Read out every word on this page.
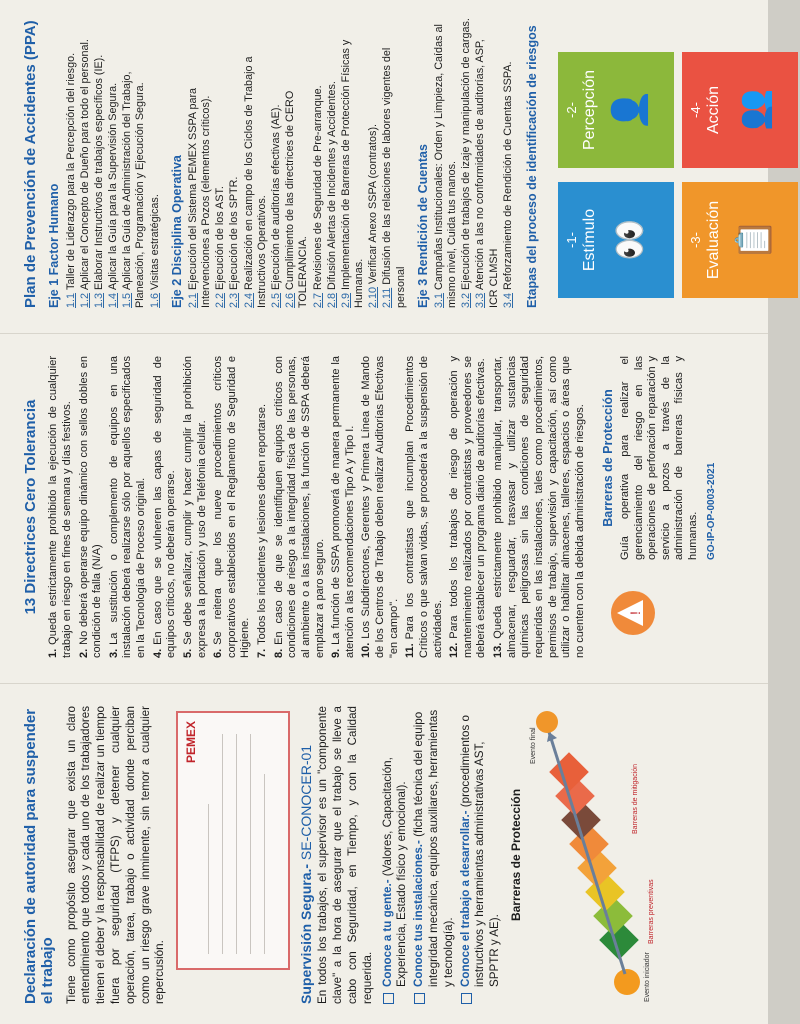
Declaración de autoridad para suspender el trabajo Tiene como propósito asegurar que exista un claro entendimiento que todos y cada uno de los trabajadores tienen el deber y la responsabilidad de realizar un tiempo fuera por seguridad (TFPS) y detener cualquier operación, tarea, trabajo o actividad donde perciban como un riesgo grave inminente, sin temor a cualquier repercusión.

PEMEX
Supervisión Segura.- SE-CONOCER-01 En todos los trabajos, el supervisor es un "componente clave" a la hora de asegurar que el trabajo se lleve a cabo con Seguridad, en Tiempo, y con la Calidad requerida. Conoce a tu gente.- (Valores, Capacitación, Experiencia, Estado físico y emocional). Conoce tus instalaciones.- (ficha técnica del equipo integridad mecánica, equipos auxiliares, herramientas y tecnología). Conoce el trabajo a desarrollar.- (procedimientos o instructivos y herramientas administrativas AST, SPPTR y AE).
Barreras de Protección
Evento iniciador
Barreras preventivas
Barreras de mitigación
Evento final
13 Directrices Cero Tolerancia
1.Queda estrictamente prohibido la ejecución de cualquier trabajo en riesgo en fines de semana y días festivos. 2.No deberá operarse equipo dinámico con sellos dobles en condición de falla (N/A) 3.La sustitución o complemento de equipos en una instalación deberá realizarse sólo por aquellos especificados en la Tecnología de Proceso original. 4.En caso que se vulneren las capas de seguridad de equipos críticos, no deberán operarse. 5.Se debe señalizar, cumplir y hacer cumplir la prohibición expresa a la portación y uso de Teléfonia celular. 6.Se reitera que los nueve procedimientos críticos corporativos establecidos en el Reglamento de Seguridad e Higiene. 7.Todos los incidentes y lesiones deben reportarse.
8.En caso de que se identifiquen equipos críticos con condiciones de riesgo a la integridad física de las personas, al ambiente o a las instalaciones, la función de SSPA deberá emplazar a paro seguro. 9.La función de SSPA promoverá de manera permanente la atención a las recomendaciones Tipo A y Tipo I. 10.Los Subdirectores, Gerentes y Primera Línea de Mando de los Centros de Trabajo deben realizar Auditorías Efectivas "en campo". 11.Para los contratistas que incumplan Procedimientos Críticos o que salvan vidas, se procederá a la suspensión de actividades. 12.Para todos los trabajos de riesgo de operación y mantenimiento realizados por contratistas y proveedores se deberá establecer un programa diario de auditorías efectivas. 13.Queda estrictamente prohibido manipular, transportar, almacenar, resguardar, trasvasar y utilizar sustancias químicas peligrosas sin las condiciones de seguridad requeridas en las instalaciones, tales como procedimientos, permisos de trabajo, supervisión y capacitación, así como utilizar o habilitar almacenes, talleres, espacios o áreas que no cuenten con la debida administración de riesgos.	!
Barreras de Protección Guía operativa para realizar el gerenciamiento del riesgo en las operaciones de perforación reparación y servicio a pozos a través de la administración de barreras físicas y humanas. GO-IP-OP-0003-2021
Plan de Prevención de Accidentes (PPA) Eje 1 Factor Humano 1.1Taller de Liderazgo para la Percepción del riesgo.
1.2Aplicar el Concepto de Dueño para todo el personal.
1.3Elaborar Instructivos de trabajos específicos (IE).
1.4Aplicar la Guía para la Supervisión Segura.
1.5Aplicar la Guía de Administración del Trabajo, Planeación, Programación y Ejecución Segura. 1.6Visitas estratégicas. Eje 2 Disciplina Operativa 2.1Ejecución del Sistema PEMEX SSPA para Intervenciones a Pozos (elementos críticos). 2.2Ejecución de los AST.
2.3Ejecución de los SPTR.
2.4Realización en campo de los Ciclos de Trabajo a Instructivos Operativos. 2.5Ejecución de auditorías efectivas (AE).
2.6Cumplimiento de las directrices de CERO TOLERANCIA. 2.7Revisiones de Seguridad de Pre-arranque.
2.8Difusión Alertas de Incidentes y Accidentes.
2.9Implementación de Barreras de Protección Físicas y Humanas. 2.10Verificar Anexo SSPA (contratos).
2.11Difusión de las relaciones de labores vigentes del personal Eje 3 Rendición de Cuentas 3.1Campañas Institucionales: Orden y Limpieza, Caídas al mismo nivel, Cuida tus manos. 3.2Ejecución de trabajos de izaje y manipulación de cargas.
3.3Atención a las no conformidades de auditorías, ASP, ICR CLMSH 3.4Reforzamiento de Rendición de Cuentas SSPA. Etapas del proceso de identificación de riesgos -1- Estímulo 👀
-2- Percepción 👤
-3- Evaluación 📋
-4- Acción 👥
